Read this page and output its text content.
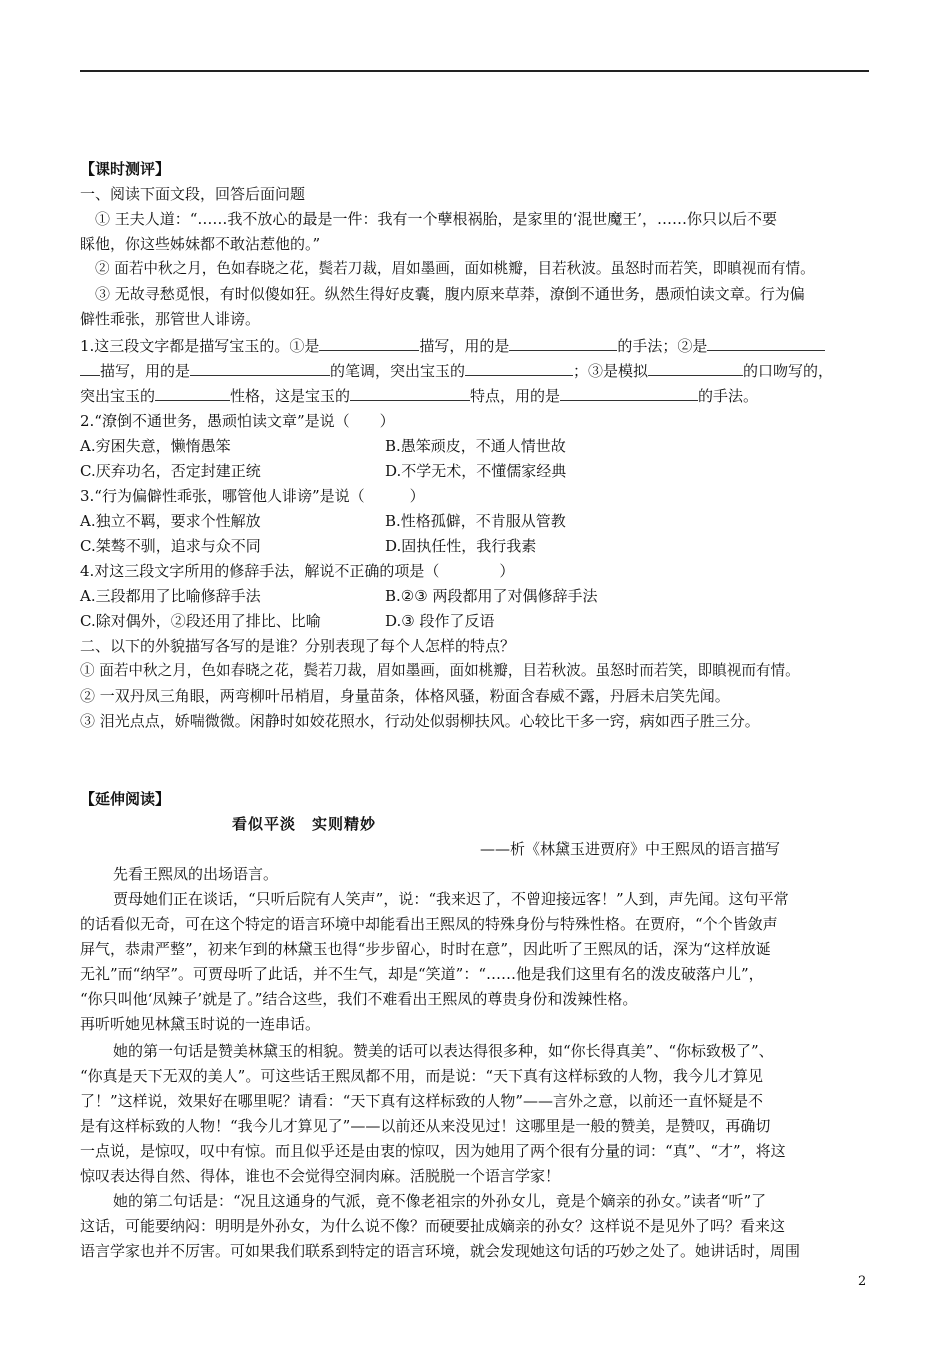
【课时测评】
一、阅读下面文段，回答后面问题
① 王夫人道：“……我不放心的最是一件：我有一个孽根祸胎，是家里的‘混世魔王’，……你只以后不要
睬他，你这些姊妹都不敢沾惹他的。”
② 面若中秋之月，色如春晓之花，鬓若刀裁，眉如墨画，面如桃瓣，目若秋波。虽怒时而若笑，即瞋视而有情。
③ 无故寻愁觅恨，有时似傻如狂。纵然生得好皮囊，腹内原来草莽，潦倒不通世务，愚顽怕读文章。行为偏
僻性乖张，那管世人诽谤。
1.这三段文字都是描写宝玉的。①是	描写，用的是	的手法；②是
描写，用的是	的笔调，突出宝玉的	；③是模拟	的口吻写的，
突出宝玉的	性格，这是宝玉的	特点，用的是	的手法。
2.“潦倒不通世务，愚顽怕读文章”是说（　　）
A.穷困失意，懒惰愚笨	B.愚笨顽皮，不通人情世故
C.厌弃功名，否定封建正统	D.不学无术，不懂儒家经典
3.“行为偏僻性乖张，哪管他人诽谤”是说（　　　）
A.独立不羁，要求个性解放	B.性格孤僻，不肯服从管教
C.桀骜不驯，追求与众不同	D.固执任性，我行我素
4.对这三段文字所用的修辞手法，解说不正确的项是（　　　　）
A.三段都用了比喻修辞手法	B.②③ 两段都用了对偶修辞手法
C.除对偶外，②段还用了排比、比喻	D.③ 段作了反语
二、以下的外貌描写各写的是谁？分别表现了每个人怎样的特点？
① 面若中秋之月，色如春晓之花，鬓若刀裁，眉如墨画，面如桃瓣，目若秋波。虽怒时而若笑，即瞋视而有情。
② 一双丹凤三角眼，两弯柳叶吊梢眉，身量苗条，体格风骚，粉面含春威不露，丹唇未启笑先闻。
③ 泪光点点，娇喘微微。闲静时如姣花照水，行动处似弱柳扶风。心较比干多一窍，病如西子胜三分。
【延伸阅读】
看似平淡　实则精妙
——析《林黛玉进贾府》中王熙凤的语言描写
先看王熙凤的出场语言。
贾母她们正在谈话，“只听后院有人笑声”，说：“我来迟了，不曾迎接远客！”人到，声先闻。这句平常
的话看似无奇，可在这个特定的语言环境中却能看出王熙凤的特殊身份与特殊性格。在贾府，“个个皆敛声
屏气，恭肃严整”，初来乍到的林黛玉也得“步步留心，时时在意”，因此听了王熙凤的话，深为“这样放诞
无礼”而“纳罕”。可贾母听了此话，并不生气，却是“笑道”：“……他是我们这里有名的泼皮破落户儿”，
“你只叫他‘凤辣子’就是了。”结合这些，我们不难看出王熙凤的尊贵身份和泼辣性格。
再听听她见林黛玉时说的一连串话。
她的第一句话是赞美林黛玉的相貌。赞美的话可以表达得很多种，如“你长得真美”、“你标致极了”、
“你真是天下无双的美人”。可这些话王熙凤都不用，而是说：“天下真有这样标致的人物，我今儿才算见
了！”这样说，效果好在哪里呢？请看：“天下真有这样标致的人物”——言外之意，以前还一直怀疑是不
是有这样标致的人物！“我今儿才算见了”——以前还从来没见过！这哪里是一般的赞美，是赞叹，再确切
一点说，是惊叹，叹中有惊。而且似乎还是由衷的惊叹，因为她用了两个很有分量的词：“真”、“才”，将这
惊叹表达得自然、得体，谁也不会觉得空洞肉麻。活脱脱一个语言学家！
她的第二句话是：“况且这通身的气派，竟不像老祖宗的外孙女儿，竟是个嫡亲的孙女。”读者“听”了
这话，可能要纳闷：明明是外孙女，为什么说不像？而硬要扯成嫡亲的孙女？这样说不是见外了吗？看来这
语言学家也并不厉害。可如果我们联系到特定的语言环境，就会发现她这句话的巧妙之处了。她讲话时，周围
2
